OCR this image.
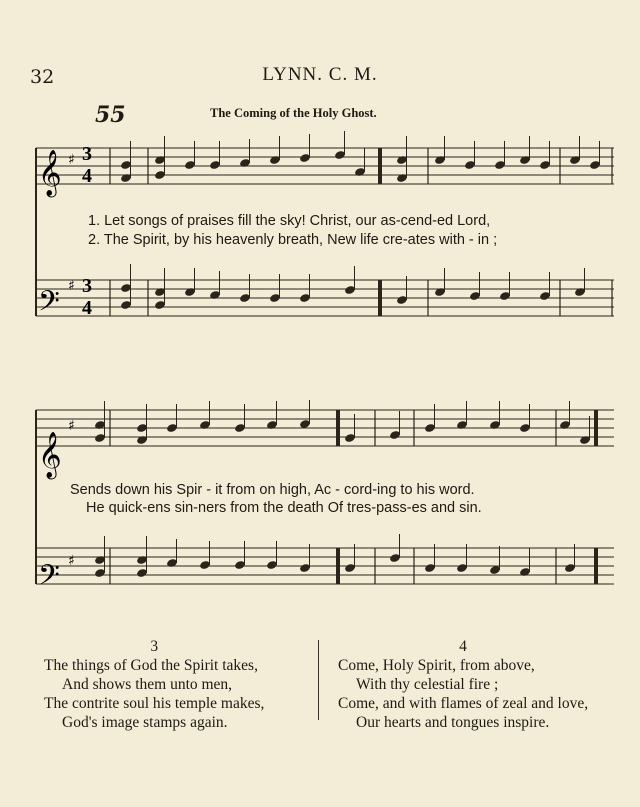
32	LYNN. C. M.
55	The Coming of the Holy Ghost.
𝄞
𝄢
𝄞
𝄢
♯
♯
♯
♯
3
4
3
4
1. Let songs of praises fill the sky! Christ, our as-cend-ed Lord,
2. The Spirit, by his heavenly breath, New life cre-ates with - in ;
Sends down his Spir - it from on high, Ac - cord-ing to his word.
He quick-ens sin-ners from the death Of tres-pass-es and sin.
3
The things of God the Spirit takes,
And shows them unto men,
The contrite soul his temple makes,
God's image stamps again.
4
Come, Holy Spirit, from above,
With thy celestial fire ;
Come, and with flames of zeal and love,
Our hearts and tongues inspire.
